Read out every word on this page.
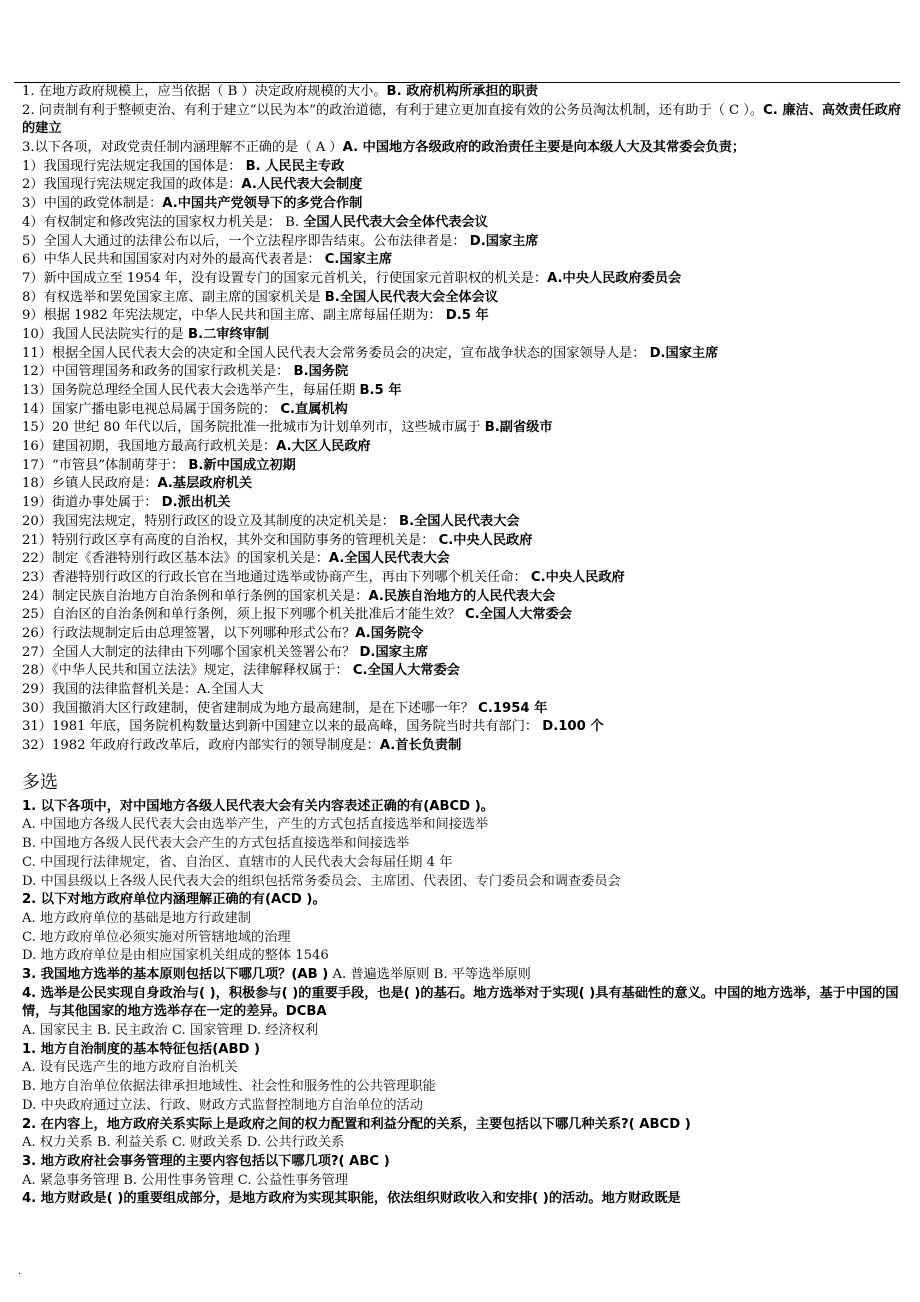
1. 在地方政府规模上，应当依据（ B ）决定政府规模的大小。B. 政府机构所承担的职责
2. 问责制有利于整顿吏治、有利于建立“以民为本”的政治道德，有利于建立更加直接有效的公务员淘汰机制，还有助于（ C ）。C. 廉洁、高效责任政府的建立
3.以下各项，对政党责任制内涵理解不正确的是（ A ）A. 中国地方各级政府的政治责任主要是向本级人大及其常委会负责；
1）我国现行宪法规定我国的国体是： B. 人民民主专政
2）我国现行宪法规定我国的政体是：A.人民代表大会制度
3）中国的政党体制是：A.中国共产党领导下的多党合作制
4）有权制定和修改宪法的国家权力机关是： B. 全国人民代表大会全体代表会议
5）全国人大通过的法律公布以后，一个立法程序即告结束。公布法律者是： D.国家主席
6）中华人民共和国国家对内对外的最高代表者是： C.国家主席
7）新中国成立至 1954 年，没有设置专门的国家元首机关，行使国家元首职权的机关是：A.中央人民政府委员会
8）有权选举和罢免国家主席、副主席的国家机关是 B.全国人民代表大会全体会议
9）根据 1982 年宪法规定，中华人民共和国主席、副主席每届任期为： D.5 年
10）我国人民法院实行的是 B.二审终审制
11）根据全国人民代表大会的决定和全国人民代表大会常务委员会的决定，宣布战争状态的国家领导人是： D.国家主席
12）中国管理国务和政务的国家行政机关是： B.国务院
13）国务院总理经全国人民代表大会选举产生，每届任期 B.5 年
14）国家广播电影电视总局属于国务院的： C.直属机构
15）20 世纪 80 年代以后，国务院批准一批城市为计划单列市，这些城市属于 B.副省级市
16）建国初期，我国地方最高行政机关是：A.大区人民政府
17）“市管县”体制萌芽于： B.新中国成立初期
18）乡镇人民政府是：A.基层政府机关
19）街道办事处属于： D.派出机关
20）我国宪法规定，特别行政区的设立及其制度的决定机关是： B.全国人民代表大会
21）特别行政区享有高度的自治权，其外交和国防事务的管理机关是： C.中央人民政府
22）制定《香港特别行政区基本法》的国家机关是：A.全国人民代表大会
23）香港特别行政区的行政长官在当地通过选举或协商产生，再由下列哪个机关任命： C.中央人民政府
24）制定民族自治地方自治条例和单行条例的国家机关是：A.民族自治地方的人民代表大会
25）自治区的自治条例和单行条例，须上报下列哪个机关批准后才能生效？ C.全国人大常委会
26）行政法规制定后由总理签署，以下列哪种形式公布？A.国务院令
27）全国人大制定的法律由下列哪个国家机关签署公布？ D.国家主席
28）《中华人民共和国立法法》规定，法律解释权属于： C.全国人大常委会
29）我国的法律监督机关是：A.全国人大
30）我国撤消大区行政建制，使省建制成为地方最高建制，是在下述哪一年？ C.1954 年
31）1981 年底，国务院机构数量达到新中国建立以来的最高峰，国务院当时共有部门： D.100 个
32）1982 年政府行政改革后，政府内部实行的领导制度是：A.首长负责制
多选
1. 以下各项中，对中国地方各级人民代表大会有关内容表述正确的有(ABCD )。
A. 中国地方各级人民代表大会由选举产生，产生的方式包括直接选举和间接选举
B. 中国地方各级人民代表大会产生的方式包括直接选举和间接选举
C. 中国现行法律规定，省、自治区、直辖市的人民代表大会每届任期 4 年
D. 中国县级以上各级人民代表大会的组织包括常务委员会、主席团、代表团、专门委员会和调查委员会
2. 以下对地方政府单位内涵理解正确的有(ACD )。
A. 地方政府单位的基础是地方行政建制
C. 地方政府单位必须实施对所管辖地域的治理
D. 地方政府单位是由相应国家机关组成的整体 1546
3. 我国地方选举的基本原则包括以下哪几项？(AB ) A. 普遍选举原则 B. 平等选举原则
4. 选举是公民实现自身政治与( )，积极参与( )的重要手段，也是( )的基石。地方选举对于实现( )具有基础性的意义。中国的地方选举，基于中国的国情，与其他国家的地方选举存在一定的差异。DCBA
A. 国家民主 B. 民主政治 C. 国家管理 D. 经济权利
1. 地方自治制度的基本特征包括(ABD )
A. 设有民选产生的地方政府自治机关
B. 地方自治单位依据法律承担地域性、社会性和服务性的公共管理职能
D. 中央政府通过立法、行政、财政方式监督控制地方自治单位的活动
2. 在内容上，地方政府关系实际上是政府之间的权力配置和利益分配的关系，主要包括以下哪几种关系?( ABCD )
A. 权力关系 B. 利益关系 C. 财政关系 D. 公共行政关系
3. 地方政府社会事务管理的主要内容包括以下哪几项?( ABC )
A. 紧急事务管理 B. 公用性事务管理 C. 公益性事务管理
4. 地方财政是( )的重要组成部分，是地方政府为实现其职能，依法组织财政收入和安排( )的活动。地方财政既是
.
